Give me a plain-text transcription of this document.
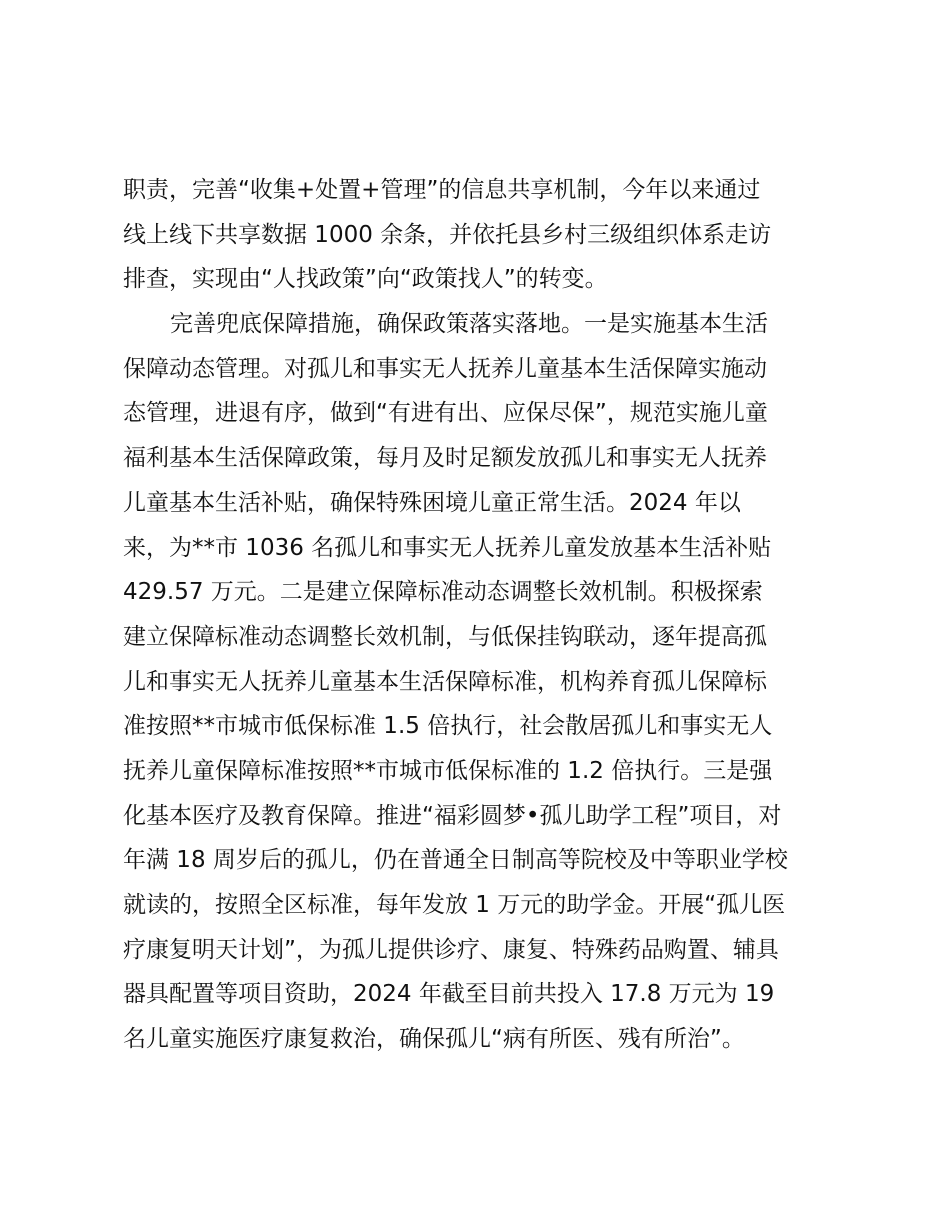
职责，完善“收集+处置+管理”的信息共享机制，今年以来通过
线上线下共享数据 1000 余条，并依托县乡村三级组织体系走访
排查，实现由“人找政策”向“政策找人”的转变。
完善兜底保障措施，确保政策落实落地。一是实施基本生活
保障动态管理。对孤儿和事实无人抚养儿童基本生活保障实施动
态管理，进退有序，做到“有进有出、应保尽保”，规范实施儿童
福利基本生活保障政策，每月及时足额发放孤儿和事实无人抚养
儿童基本生活补贴，确保特殊困境儿童正常生活。2024 年以
来，为**市 1036 名孤儿和事实无人抚养儿童发放基本生活补贴
429.57 万元。二是建立保障标准动态调整长效机制。积极探索
建立保障标准动态调整长效机制，与低保挂钩联动，逐年提高孤
儿和事实无人抚养儿童基本生活保障标准，机构养育孤儿保障标
准按照**市城市低保标准 1.5 倍执行，社会散居孤儿和事实无人
抚养儿童保障标准按照**市城市低保标准的 1.2 倍执行。三是强
化基本医疗及教育保障。推进“福彩圆梦•孤儿助学工程”项目，对
年满 18 周岁后的孤儿，仍在普通全日制高等院校及中等职业学校
就读的，按照全区标准，每年发放 1 万元的助学金。开展“孤儿医
疗康复明天计划”，为孤儿提供诊疗、康复、特殊药品购置、辅具
器具配置等项目资助，2024 年截至目前共投入 17.8 万元为 19
名儿童实施医疗康复救治，确保孤儿“病有所医、残有所治”。
